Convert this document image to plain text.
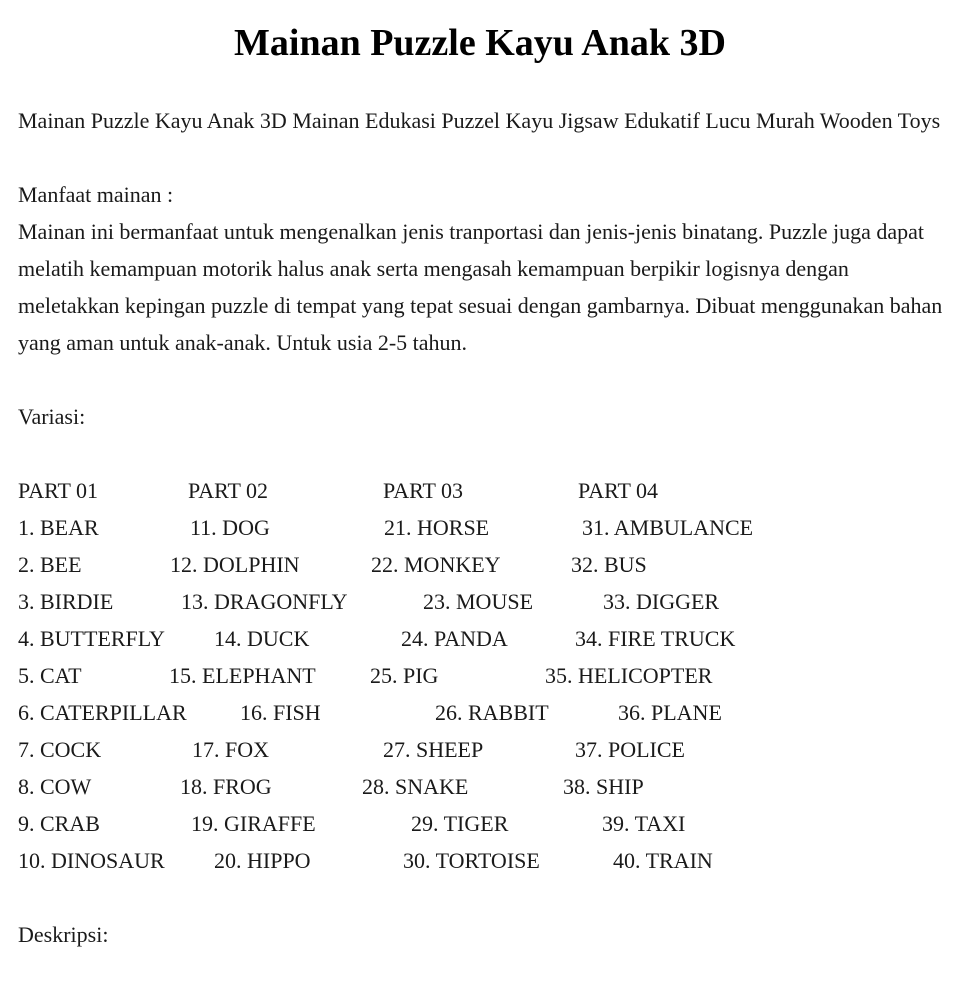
Mainan Puzzle Kayu Anak 3D

Mainan Puzzle Kayu Anak 3D Mainan Edukasi Puzzel Kayu Jigsaw Edukatif Lucu Murah Wooden Toys

Manfaat mainan :

Mainan ini bermanfaat untuk mengenalkan jenis tranportasi dan jenis-jenis binatang. Puzzle juga dapat melatih kemampuan motorik halus anak serta mengasah kemampuan berpikir logisnya dengan meletakkan kepingan puzzle di tempat yang tepat sesuai dengan gambarnya. Dibuat menggunakan bahan yang aman untuk anak-anak. Untuk usia 2-5 tahun.

Variasi:

PART 01	PART 02	PART 03	PART 04
1. BEAR	11. DOG	21. HORSE	31. AMBULANCE
2. BEE	12. DOLPHIN	22. MONKEY	32. BUS
3. BIRDIE	13. DRAGONFLY	23. MOUSE	33. DIGGER
4. BUTTERFLY 14. DUCK	24. PANDA	34. FIRE TRUCK
5. CAT	15. ELEPHANT 25. PIG	35. HELICOPTER
6. CATERPILLAR 16. FISH	26. RABBIT	36. PLANE
7. COCK	17. FOX	27. SHEEP	37. POLICE
8. COW	18. FROG	28. SNAKE	38. SHIP
9. CRAB	19. GIRAFFE	29. TIGER	39. TAXI
10. DINOSAUR 20. HIPPO	30. TORTOISE	40. TRAIN

Deskripsi:
